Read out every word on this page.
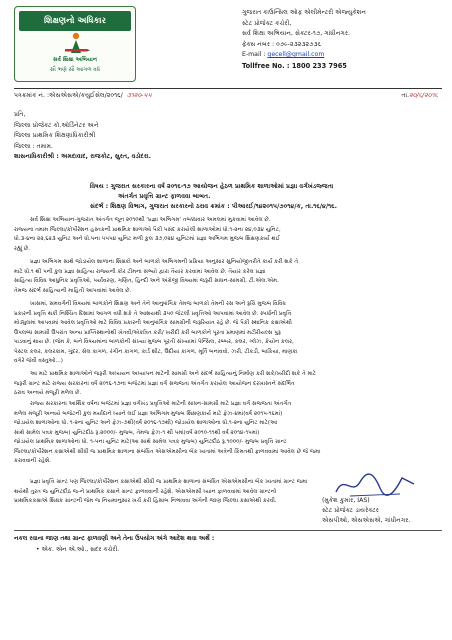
શિક્ષણનો અધિકાર
સર્વ શિક્ષા અભિયાન
સૌ ભણે સૌ આગળ વધે
ગુજરાત કાઉન્સિલ ઓફ એલીમેન્ટરી એજ્યુકેશન
સ્ટેટ પ્રોજેક્ટ કચેરી,
સર્વ શિક્ષા અભિયાન, સેક્ટર-૧૭, ગાંધીનગર.
ફેક્સ નંબર : ૦૭૯-૨૩૨૩૨૭૩૬
E-mail : gecell@gmail.com
Tollfree No. : 1800 233 7965
પત્રક્રમાંક નં. :એસએસએ/કયુઈસેલ/૨૦૧૬/ ૩૧૨૦-૫૫	તા.૨૦/૬/૨૦૧૬
પ્રતિ,
જિલ્લા પ્રોજેક્ટ કો.ઓર્ડિનેટર અને
જિલ્લા પ્રાથમિક શિક્ષણાધિકારીશ્રી
જિલ્લા : તમામ.
શાસનાધિકારીશ્રી : અમદાવાદ, રાજકોટ, સુરત, વડોદરા.
વિષય : ગુજરાત સરકારના વર્ષ ૨૦૧૬-૧૭ આયોજન હેઠળ પ્રાથમિક શાળાઓમાં પ્રજ્ઞા વર્ગખંડજ્જતા
અંતર્ગત પ્રવૃત્તિ ગ્રાન્ટ ફાળવવા બાબત.
સંદર્ભ : શિક્ષણ વિભાગ, ગુજરાત સરકારનો ઠરાવ ક્રમાંક : પીઆરઈ/૧૪૨૦૧૫/૭૦૧૪/ક, તા.૧૬/૪/૧૬.
સર્વ શિક્ષા અભિયાન-ગુજરાત અંતર્ગત જૂન ૨૦૧૦થી 'પ્રજ્ઞા અભિગમ' તબક્કાવાર અમલમાં મુકવામાં આવેલ છે.
રાજ્યના તમામ જિલ્લા/કોર્પોરેશન હસ્તકની પ્રાથમિક શાળાઓ પૈકી પસંદ કરાયેલી શાળાઓમાં ધો.૧-૨ના ૨૪,૦૩૪ યુનિટ,
ધો.૩-૪ના ૨૨,૬૨૩ યુનિટ અને ધો.૫ના ૫૫૫૪ યુનિટ મળી કુલ ૩૭,૦૨૪ યુનિટમાં પ્રજ્ઞા અભિગમ મુજબ શિક્ષણકાર્ય થઈ
રહ્યું છે.
પ્રજ્ઞા અભિગમ સાથે જોડાયેલ શાળાના શિક્ષકો અને બાળકો અભિગમની પ્રક્રિયા અનુસાર સુનિયોજીતરીતે કાર્ય કરી શકે તે
માટે ધો.૧ થી પની કુલ પ્રજ્ઞા સાહિત્ય રાજ્યની કોર ટીમના સભ્યો દ્વારા તૈયાર કરવામાં આવેલ છે. તૈયાર કરેલ પ્રજ્ઞા
સાહિત્ય વિવિધ આધુનિક પ્રવૃત્તિઓ, પર્યાવરણ, ગણિત, હિન્દી અને અંગ્રેજી વિષયમાં જરૂરી સાધન-સામગ્રી, ટી.એલ.એમ.
તેમજ સંદર્ભ સાહિત્યની માહિતી આપવામાં આવેલ છે.
ખાસમાં, સમવર્ગની વિષયમાં બાળકોને શિક્ષણ અને તેને આનુષાંગિક તેમજ બાળકો તેમની રસ અને રૂચિ મુજબ વિવિધ
પ્રકારની પ્રવૃત્તિ થકી નિશ્ચિત દિશામાં આગળ વધી શકે તે આશયથી ૩૫૦ જેટલી પ્રવૃત્તિઓ આપવામાં આવેલ છે. સ્પર્ધાની પ્રવૃત્તિ
મોડ્યુલમાં આપવામાં આવેલ પ્રવૃત્તિઓ માટે વિવિધ પ્રકારની આનુષાંગિક સામગ્રીની જરૂરિયાત રહે છે. જે પૈકી સ્થાનિક કક્ષાએથી
ઉપલબ્ધ સામગ્રી ઉપરાંત અન્ય પ્રાપ્તિસ્થાનોથી ખેતવી/એકત્રિત કરી/ ખરીદી કરી બાળકોને પૂરતા પ્રમાણમાં મટીરીયલ્સ પુરૂ
પાડવાનું થાય છે. (જેમ કે, બંને વિષયમાંના બાળકોની સંખ્યા મુજબ પૂરતી સંખ્યામાં પેન્સિલ, રબ્બર, કલર, ગ્લેઝ, ક્રેયોન કલર,
પેસ્ટલ કલર, કલરકામ, ગુંદર, સેલ કાગળ, રંગીન કાગળ, કાર્ડ શીટ, ઉંદીયા કાગળ, મૂર્તિ બનાવવો, ઝરી, ટીકડી, બાકિયા, માણકા
વગેરે જેવી વસ્તુઓ...)
આ માટે પ્રાથમિક શાળાઓને જરૂરી અધ્યયન અધ્યાપન માટેની સામગ્રી અને સંદર્ભ સાહિત્યનું નિર્માણ કરી શકે/ખરીદી શકે તે માટે
જરૂરી ગ્રાન્ટ માટે રાજ્ય સરકારના વર્ષ ૨૦૧૬-૧૭ના બજેટમાં પ્રજ્ઞા વર્ગ સજ્જતા અંતર્ગત કરાયેલ આયોજન દરખાસ્તને સંદર્ભિત
ઠરાવ અન્વયે મંજૂરી મળેલ છે.
રાજ્ય સરકારના આર્થિક વર્ષના બજેટમાં પ્રજ્ઞા વર્ગખંડ પ્રવૃત્તિઓ માટેની સાધન-સામગ્રી માટે પ્રજ્ઞા વર્ગ સજ્જતા અંતર્ગત
મળેલ મંજૂરી અન્વયે બજેટની કુલ મર્યાદાને ધ્યાને લઈ પ્રજ્ઞા અભિગમ મુજબ શિક્ષણકાર્ય માટે ફેઝ-૪માં(વર્ષ ૨૦૧૫-૧૬માં)
જોડાયેલ શાળાઓના ધો. ૧-૨ના યુનિટ અને ફેઝ-૭થી(વર્ષ ૨૦૧૬-૧૭થી) જોડાયેલ શાળાઓના ધો.૧-૨ના યુનિટ માટે(આ
સાથે સામેલ પત્રક મુજબ) યુનિટદીઠ રૂ.૨૦૦૦/- મુજબ, તેમજ ફેઝ-૧ થી પમાં(વર્ષ ૨૦૧૦-૧૧થી વર્ષ ૨૦૧૪-૧૫માં)
જોડાયેલ પ્રાથમિક શાળાઓના ધો. ૧-૫ના યુનિટ માટે(આ સાથે સામેલ પત્રક મુજબ) યુનિટદીઠ રૂ.૧૦૦૦/- મુજબ પ્રવૃત્તિ ગ્રાન્ટ
જિલ્લા/કોર્પોરેશન કક્ષાએથી સીધી જ પ્રાથમિક શાળાના સંબંધિત એસએમસીના બેંક ખાતામાં અત્રેની કિંમતથી ફાળવવામાં આવેલ છે જે જમા
કરાવવાની રહેશે.
પ્રજ્ઞા પ્રવૃત્તિ ગ્રાન્ટ પણ જિલ્લા/કોર્પોરેશન કક્ષાએથી સીધી જ પ્રાથમિક શાળાના સંબંધિત એસએમસીના બેંક ખાતામાં ગ્રાન્ટ જમા
થયેથી તુરત જ યુનિટદીઠ જ-ને પ્રાથમિક કક્ષાને ગ્રાન્ટ ફાળવવાની રહેશે. એસએમસી ધ્યાન ફાળવવામાં આવેલ ગ્રાન્ટનો
પ્રાથમિકકક્ષાએ શિક્ષક ગ્રાન્ટની જેમ જ નિયમાનુસાર ખર્ચ કરી હિસાબ નિભાવવા અંગેની જાણ જિલ્લા કક્ષાએથી કરવી.	(મુકેશ કુમાર, IAS)
સ્ટેટ પ્રોજેક્ટ ડાયરેક્ટર
એસપીઓ, એસએસએ, ગાંધીનગર.
નકલ રવાના જાણ તથા ગ્રાન્ટ ફાળવણી અને તેના ઉપયોગ અંગે આદેશ થવા અર્થે :
• એક. એન એ.ઓ., સદર કચેરી.
